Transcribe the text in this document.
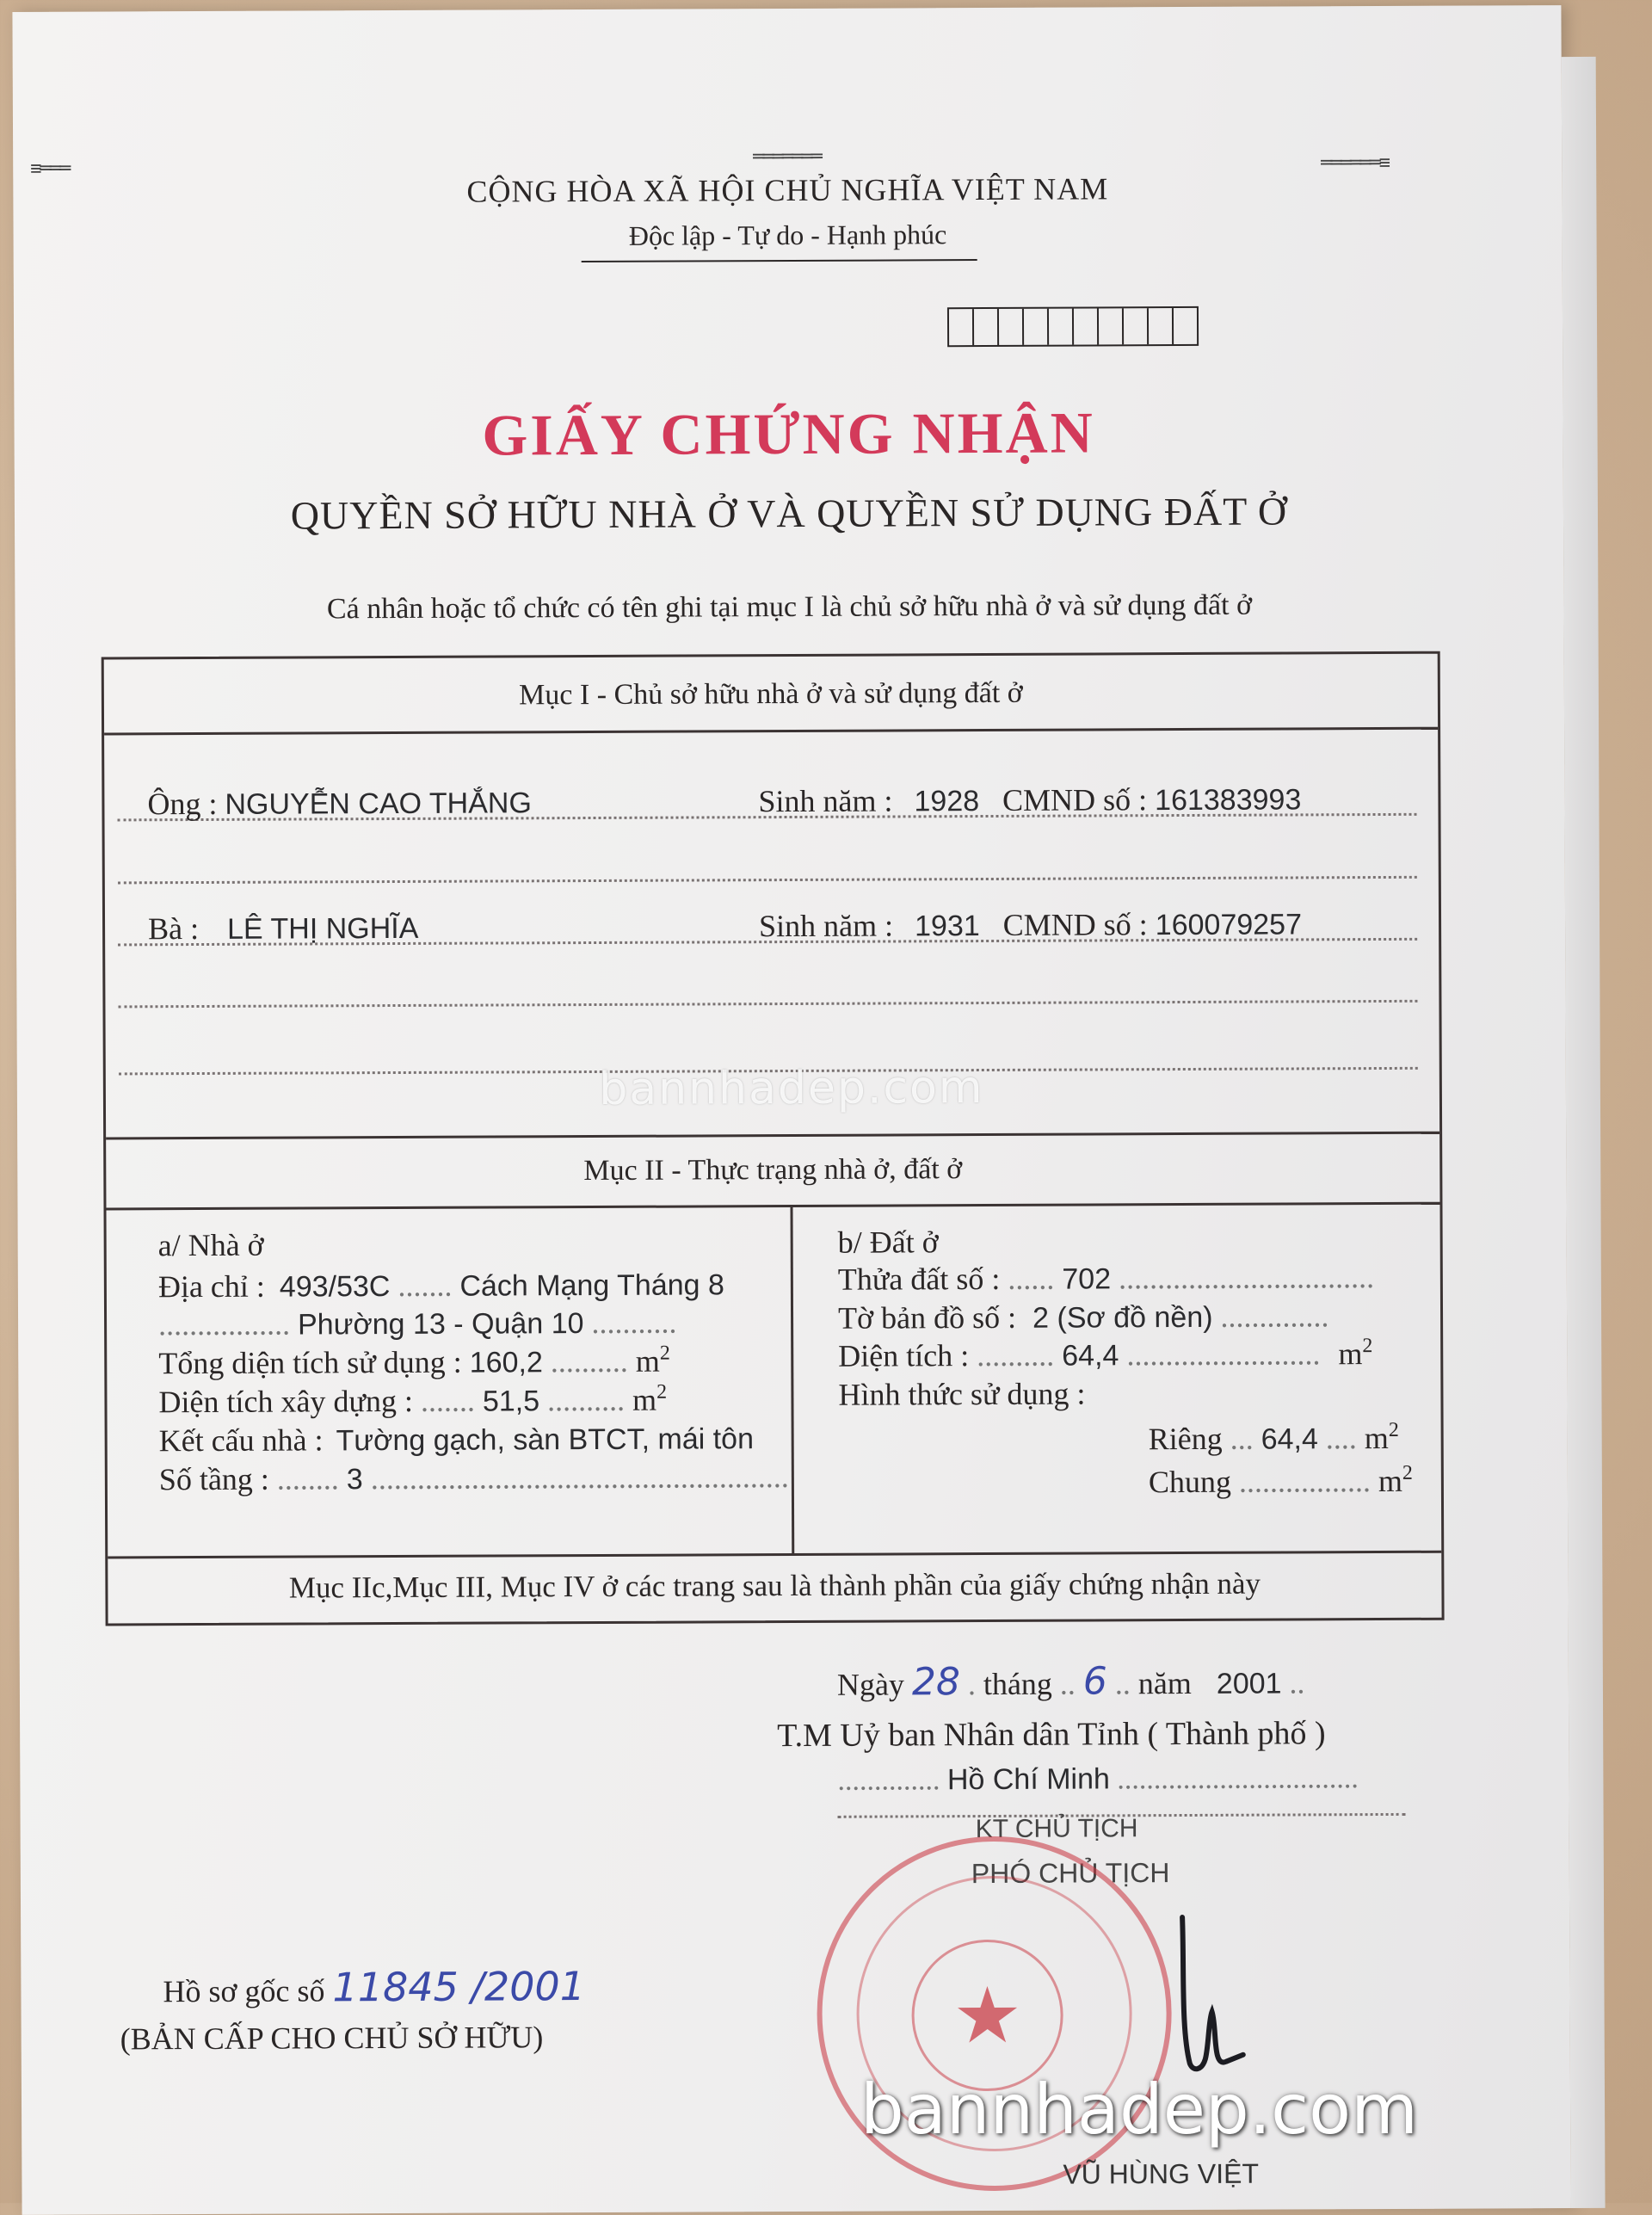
≡═══
═══════	══════≡
CỘNG HÒA XÃ HỘI CHỦ NGHĨA VIỆT NAM
Độc lập - Tự do - Hạnh phúc
GIẤY CHỨNG NHẬN
QUYỀN SỞ HỮU NHÀ Ở VÀ QUYỀN SỬ DỤNG ĐẤT Ở
Cá nhân hoặc tổ chức có tên ghi tại mục I là chủ sở hữu nhà ở và sử dụng đất ở
Mục I - Chủ sở hữu nhà ở và sử dụng đất ở
Ông : NGUYỄN CAO THẮNG	Sinh năm : 1928 CMND số : 161383993
Bà : LÊ THỊ NGHĨA	Sinh năm : 1931 CMND số : 160079257
Mục II - Thực trạng nhà ở, đất ở
a/ Nhà ở
Địa chỉ : 493/53C ....... Cách Mạng Tháng 8
................. Phường 13 - Quận 10 ...........
Tổng diện tích sử dụng : 160,2 .......... $m^2$
Diện tích xây dựng : ....... 51,5 .......... $m^2$
Kết cấu nhà : Tường gạch, sàn BTCT, mái tôn
Số tầng : ........ 3 ......................................................
b/ Đất ở
Thửa đất số : ...... 702 .................................
Tờ bản đồ số : 2 (Sơ đồ nền) ..............
Diện tích : .......... 64,4 ......................... $m^2$
Hình thức sử dụng :
Riêng ... 64,4 .... $m^2$
Chung ................. $m^2$
Mục IIc,Mục III, Mục IV ở các trang sau là thành phần của giấy chứng nhận này
bannhadep.com
Ngày 28 . tháng .. 6 .. năm 2001 ..
T.M Uỷ ban Nhân dân Tỉnh ( Thành phố )
.............. Hồ Chí Minh .................................
KT CHỦ TỊCH
PHÓ CHỦ TỊCH
★
VŨ HÙNG VIỆT
Hồ sơ gốc số 11845 /2001
(BẢN CẤP CHO CHỦ SỞ HỮU)
bannhadep.com
